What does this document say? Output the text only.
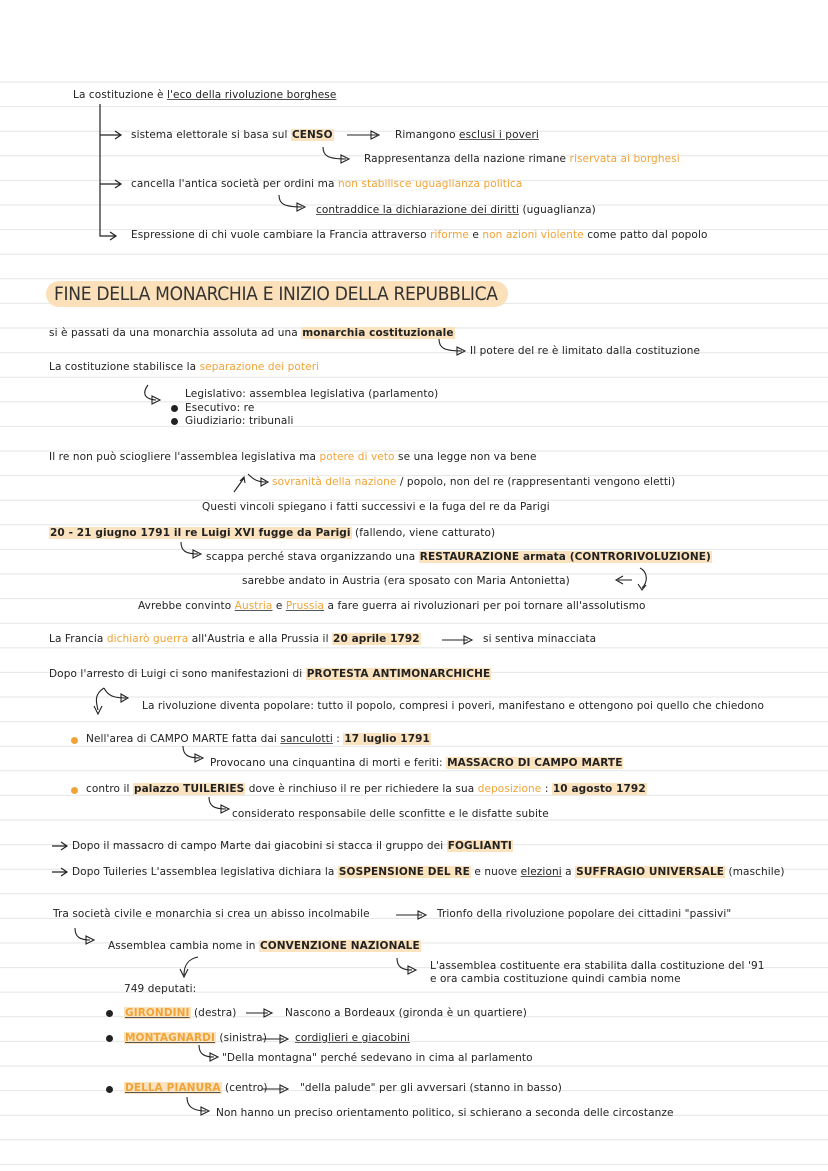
La costituzione è l'eco della rivoluzione borghese
sistema elettorale si basa sul CENSO	Rimangono esclusi i poveri
Rappresentanza della nazione rimane riservata ai borghesi
cancella l'antica società per ordini ma non stabilisce uguaglianza politica
contraddice la dichiarazione dei diritti (uguaglianza)
Espressione di chi vuole cambiare la Francia attraverso riforme e non azioni violente come patto dal popolo
FINE DELLA MONARCHIA E INIZIO DELLA REPUBBLICA
si è passati da una monarchia assoluta ad una monarchia costituzionale
Il potere del re è limitato dalla costituzione
La costituzione stabilisce la separazione dei poteri
Legislativo: assemblea legislativa (parlamento)
Esecutivo: re
Giudiziario: tribunali
Il re non può sciogliere l'assemblea legislativa ma potere di veto se una legge non va bene
sovranità della nazione / popolo, non del re (rappresentanti vengono eletti)
Questi vincoli spiegano i fatti successivi e la fuga del re da Parigi
20 - 21 giugno 1791 il re Luigi XVI fugge da Parigi (fallendo, viene catturato)
scappa perché stava organizzando una RESTAURAZIONE armata (CONTRORIVOLUZIONE)
sarebbe andato in Austria (era sposato con Maria Antonietta)
Avrebbe convinto Austria e Prussia a fare guerra ai rivoluzionari per poi tornare all'assolutismo
La Francia dichiarò guerra all'Austria e alla Prussia il 20 aprile 1792	si sentiva minacciata
Dopo l'arresto di Luigi ci sono manifestazioni di PROTESTA ANTIMONARCHICHE
La rivoluzione diventa popolare: tutto il popolo, compresi i poveri, manifestano e ottengono poi quello che chiedono
Nell'area di CAMPO MARTE fatta dai sanculotti : 17 luglio 1791
Provocano una cinquantina di morti e feriti: MASSACRO DI CAMPO MARTE
contro il palazzo TUILERIES dove è rinchiuso il re per richiedere la sua deposizione : 10 agosto 1792
considerato responsabile delle sconfitte e le disfatte subite
Dopo il massacro di campo Marte dai giacobini si stacca il gruppo dei FOGLIANTI
Dopo Tuileries L'assemblea legislativa dichiara la SOSPENSIONE DEL RE e nuove elezioni a SUFFRAGIO UNIVERSALE (maschile)
Tra società civile e monarchia si crea un abisso incolmabile	Trionfo della rivoluzione popolare dei cittadini "passivi"
Assemblea cambia nome in CONVENZIONE NAZIONALE
L'assemblea costituente era stabilita dalla costituzione del '91
e ora cambia costituzione quindi cambia nome
749 deputati:
GIRONDINI (destra)	Nascono a Bordeaux (gironda è un quartiere)
MONTAGNARDI (sinistra)	cordiglieri e giacobini
"Della montagna" perché sedevano in cima al parlamento
DELLA PIANURA (centro)	"della palude" per gli avversari (stanno in basso)
Non hanno un preciso orientamento politico, si schierano a seconda delle circostanze
